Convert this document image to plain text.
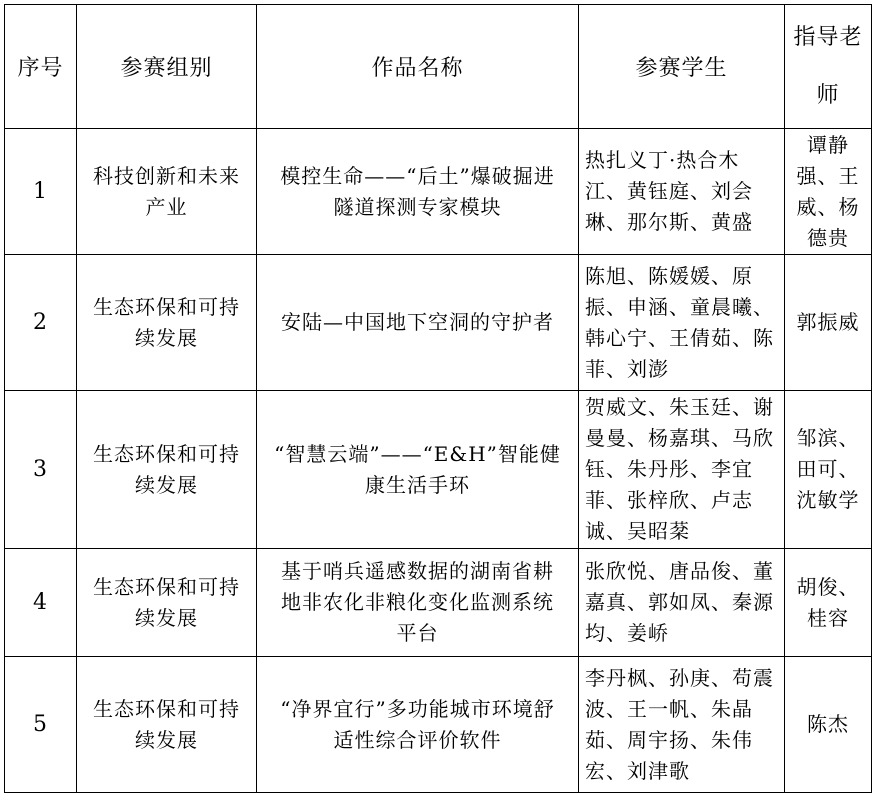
序号	参赛组别	作品名称	参赛学生	指导老师
1	科技创新和未来产业	模控生命——“后土”爆破掘进隧道探测专家模块	热扎义丁·热合木江、黄钰庭、刘会琳、那尔斯、黄盛	谭静强、王威、杨德贵
2	生态环保和可持续发展	安陆—中国地下空洞的守护者	陈旭、陈媛媛、原振、申涵、童晨曦、韩心宁、王倩茹、陈菲、刘澎	郭振威
3	生态环保和可持续发展	“智慧云端”——“E&H”智能健康生活手环	贺威文、朱玉廷、谢曼曼、杨嘉琪、马欣钰、朱丹彤、李宜菲、张梓欣、卢志诚、吴昭棻	邹滨、田可、沈敏学
4	生态环保和可持续发展	基于哨兵遥感数据的湖南省耕地非农化非粮化变化监测系统平台	张欣悦、唐品俊、董嘉真、郭如凤、秦源均、姜峤	胡俊、桂容
5	生态环保和可持续发展	“净界宜行”多功能城市环境舒适性综合评价软件	李丹枫、孙庚、苟震波、王一帆、朱晶茹、周宇扬、朱伟宏、刘津歌	陈杰
